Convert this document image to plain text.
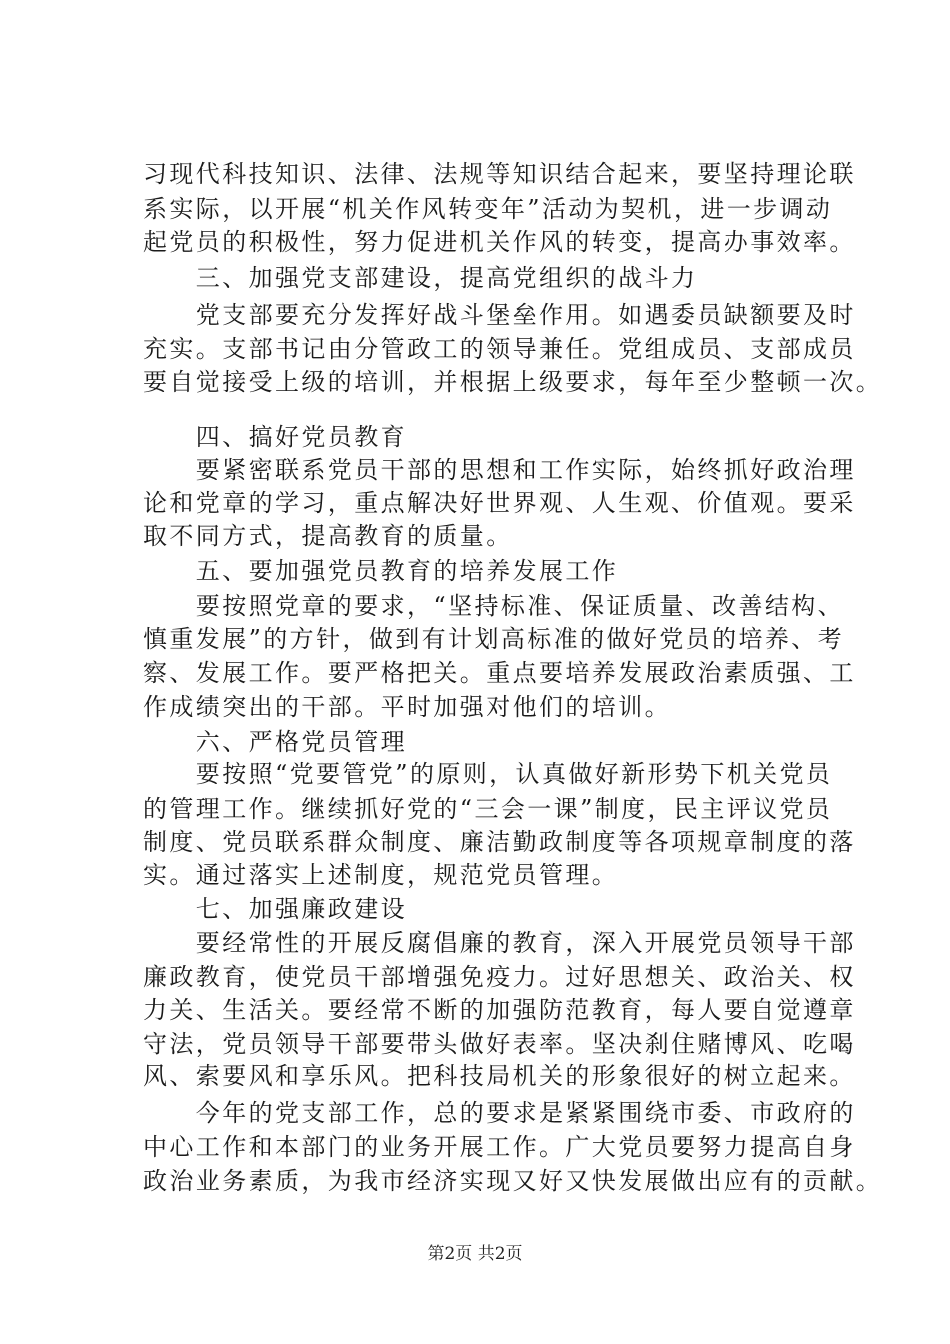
习现代科技知识、法律、法规等知识结合起来，要坚持理论联
系实际，以开展“机关作风转变年”活动为契机，进一步调动
起党员的积极性，努力促进机关作风的转变，提高办事效率。
　　三、加强党支部建设，提高党组织的战斗力
　　党支部要充分发挥好战斗堡垒作用。如遇委员缺额要及时
充实。支部书记由分管政工的领导兼任。党组成员、支部成员
要自觉接受上级的培训，并根据上级要求，每年至少整顿一次。
　　四、搞好党员教育
　　要紧密联系党员干部的思想和工作实际，始终抓好政治理
论和党章的学习，重点解决好世界观、人生观、价值观。要采
取不同方式，提高教育的质量。
　　五、要加强党员教育的培养发展工作
　　要按照党章的要求，“坚持标准、保证质量、改善结构、
慎重发展”的方针，做到有计划高标准的做好党员的培养、考
察、发展工作。要严格把关。重点要培养发展政治素质强、工
作成绩突出的干部。平时加强对他们的培训。
　　六、严格党员管理
　　要按照“党要管党”的原则，认真做好新形势下机关党员
的管理工作。继续抓好党的“三会一课”制度，民主评议党员
制度、党员联系群众制度、廉洁勤政制度等各项规章制度的落
实。通过落实上述制度，规范党员管理。
　　七、加强廉政建设
　　要经常性的开展反腐倡廉的教育，深入开展党员领导干部
廉政教育，使党员干部增强免疫力。过好思想关、政治关、权
力关、生活关。要经常不断的加强防范教育，每人要自觉遵章
守法，党员领导干部要带头做好表率。坚决刹住赌博风、吃喝
风、索要风和享乐风。把科技局机关的形象很好的树立起来。
　　今年的党支部工作，总的要求是紧紧围绕市委、市政府的
中心工作和本部门的业务开展工作。广大党员要努力提高自身
政治业务素质，为我市经济实现又好又快发展做出应有的贡献。
第2页 共2页
